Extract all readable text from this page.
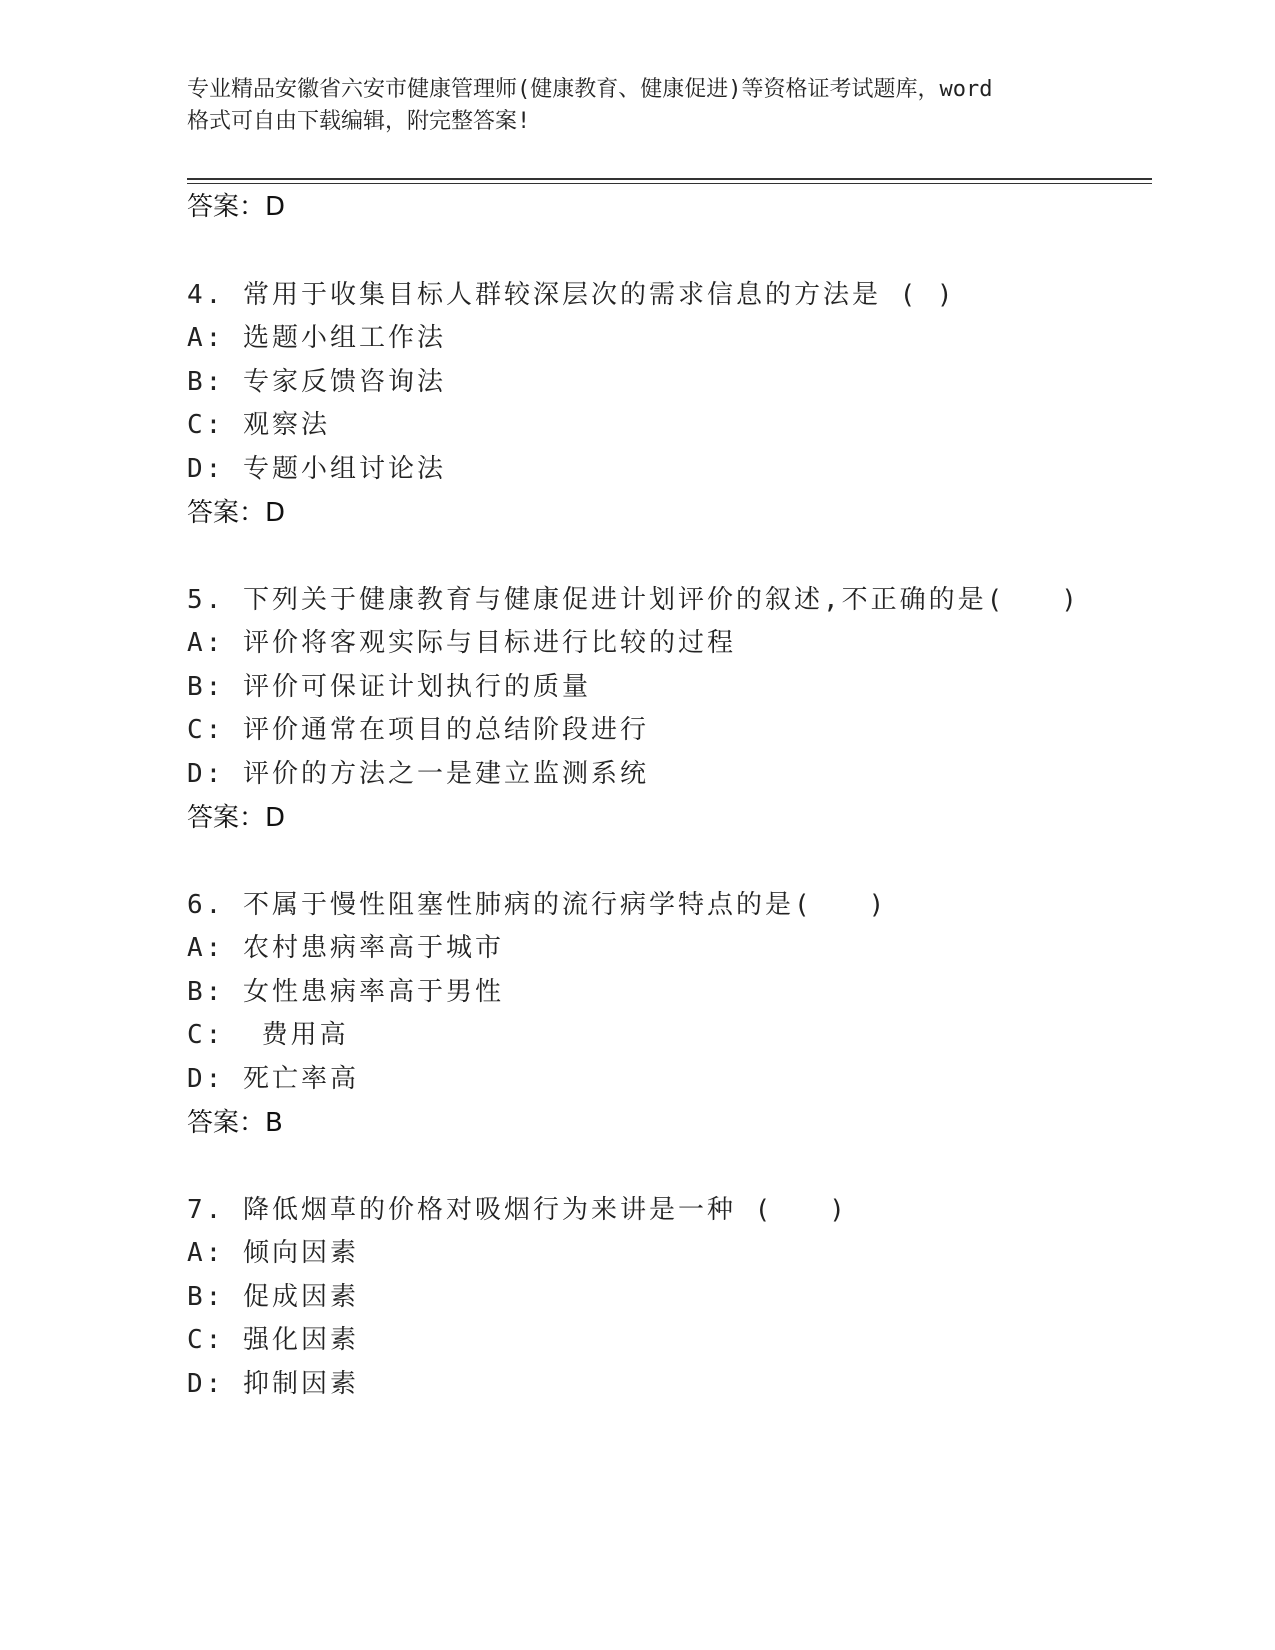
专业精品安徽省六安市健康管理师(健康教育、健康促进)等资格证考试题库，word
格式可自由下载编辑，附完整答案!
答案：D
4. 常用于收集目标人群较深层次的需求信息的方法是 ( )
A: 选题小组工作法
B: 专家反馈咨询法
C: 观察法
D: 专题小组讨论法
答案：D
5. 下列关于健康教育与健康促进计划评价的叙述,不正确的是(   )
A: 评价将客观实际与目标进行比较的过程
B: 评价可保证计划执行的质量
C: 评价通常在项目的总结阶段进行
D: 评价的方法之一是建立监测系统
答案：D
6. 不属于慢性阻塞性肺病的流行病学特点的是(   )
A: 农村患病率高于城市
B: 女性患病率高于男性
C:  费用高
D: 死亡率高
答案：B
7. 降低烟草的价格对吸烟行为来讲是一种 (   )
A: 倾向因素
B: 促成因素
C: 强化因素
D: 抑制因素
